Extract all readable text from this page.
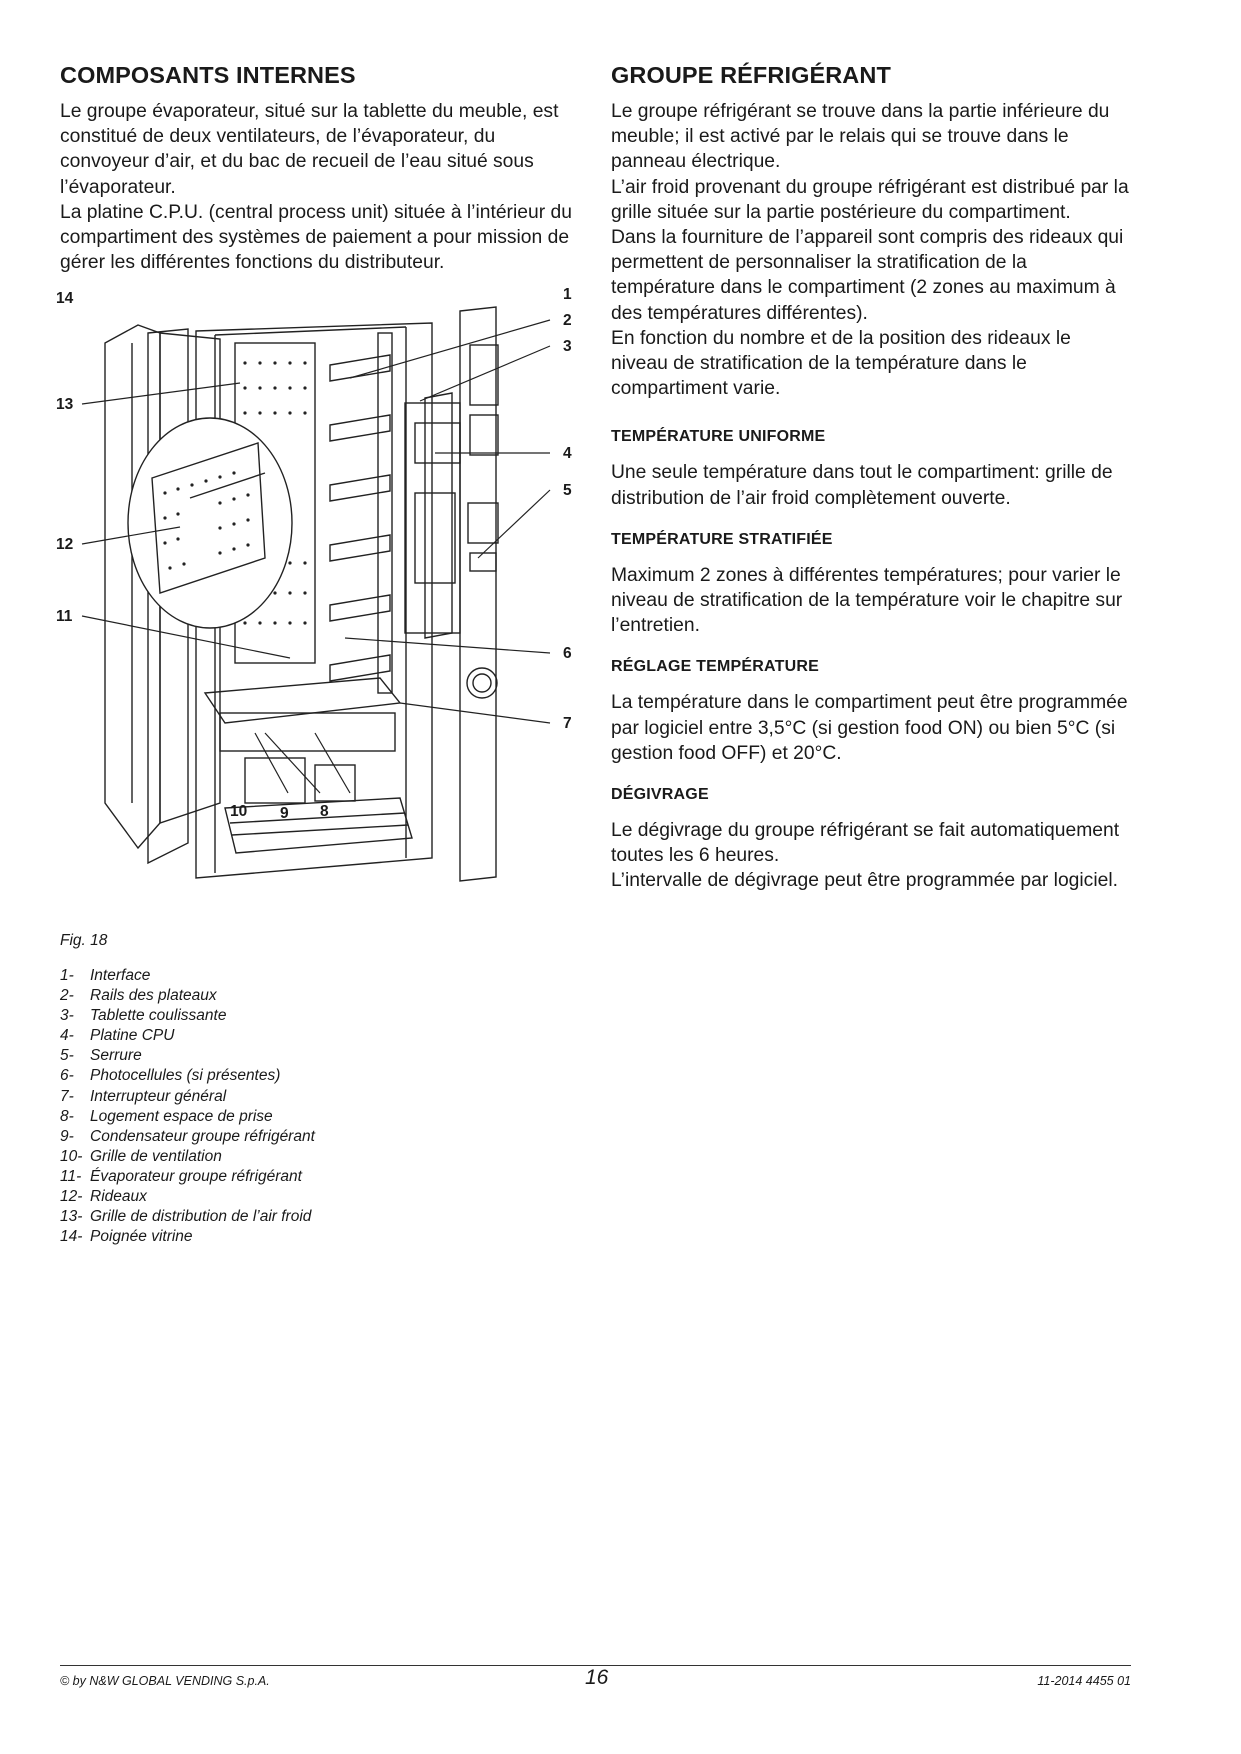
COMPOSANTS INTERNES

Le groupe évaporateur, situé sur la tablette du meuble, est constitué de deux ventilateurs, de l’évaporateur, du convoyeur d’air, et du bac de recueil de l’eau situé sous l’évaporateur.
La platine C.P.U. (central process unit) située à l’intérieur du compartiment des systèmes de paiement a pour mission de gérer les différentes fonctions du distributeur.

14	1
2
3
13
4
5
12
11
6
7
10 9 8
Fig. 18
1- Interface
2- Rails des plateaux
3- Tablette coulissante
4- Platine CPU
5- Serrure
6- Photocellules (si présentes)
7- Interrupteur général
8- Logement espace de prise
9- Condensateur groupe réfrigérant
10- Grille de ventilation
11- Évaporateur groupe réfrigérant
12- Rideaux
13- Grille de distribution de l’air froid
14- Poignée vitrine
GROUPE RÉFRIGÉRANT

Le groupe réfrigérant se trouve dans la partie inférieure du meuble; il est activé par le relais qui se trouve dans le panneau électrique.
L’air froid provenant du groupe réfrigérant est distribué par la grille située sur la partie postérieure du compartiment.
Dans la fourniture de l’appareil sont compris des rideaux qui permettent de personnaliser la stratification de la température dans le compartiment (2 zones au maximum à des températures différentes).
En fonction du nombre et de la position des rideaux le niveau de stratification de la température dans le compartiment varie.

TEMPÉRATURE UNIFORME

Une seule température dans tout le compartiment: grille de distribution de l’air froid complètement ouverte.

TEMPÉRATURE STRATIFIÉE

Maximum 2 zones à différentes températures; pour varier le niveau de stratification de la température voir le chapitre sur l’entretien.

RÉGLAGE TEMPÉRATURE

La température dans le compartiment peut être programmée par logiciel entre 3,5°C (si gestion food ON) ou bien 5°C (si gestion food OFF) et 20°C.

DÉGIVRAGE

Le dégivrage du groupe réfrigérant se fait automatiquement toutes les 6 heures.
L’intervalle de dégivrage peut être programmée par logiciel.

© by N&W GLOBAL VENDING S.p.A.	16	11-2014 4455 01
